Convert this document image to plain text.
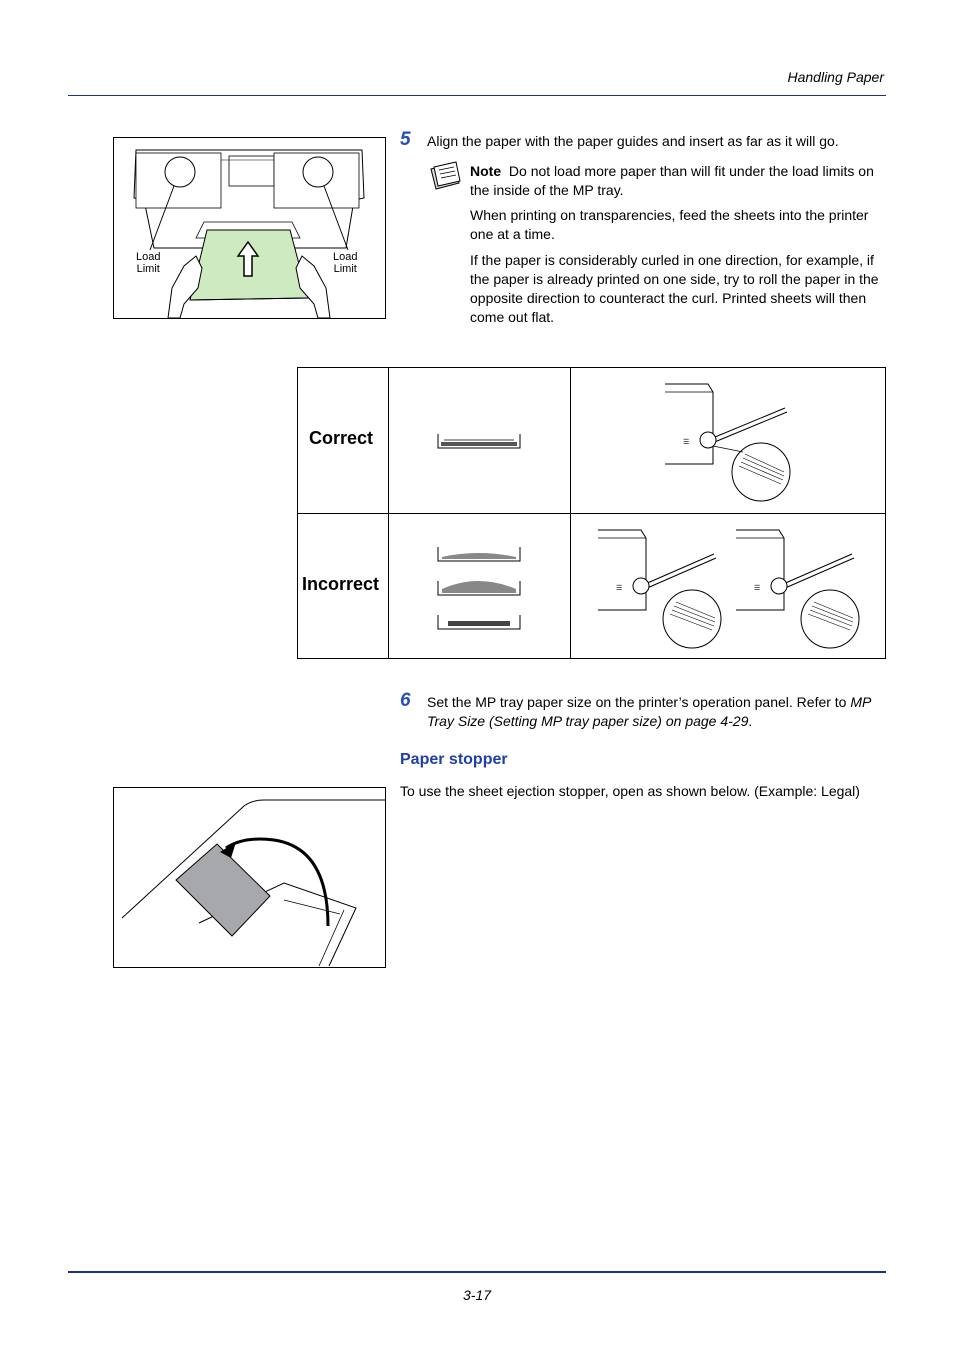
Handling Paper
Load
Limit
Load
Limit
5 Align the paper with the paper guides and insert as far as it will go.
Note Do not load more paper than will fit under the load limits on the inside of the MP tray.
When printing on transparencies, feed the sheets into the printer one at a time.
If the paper is considerably curled in one direction, for example, if the paper is already printed on one side, try to roll the paper in the opposite direction to counteract the curl. Printed sheets will then come out flat.
Correct
Incorrect
☰
☰	☰
6 Set the MP tray paper size on the printer’s operation panel. Refer to MP Tray Size (Setting MP tray paper size) on page 4-29.
Paper stopper
To use the sheet ejection stopper, open as shown below. (Example: Legal)
3-17
